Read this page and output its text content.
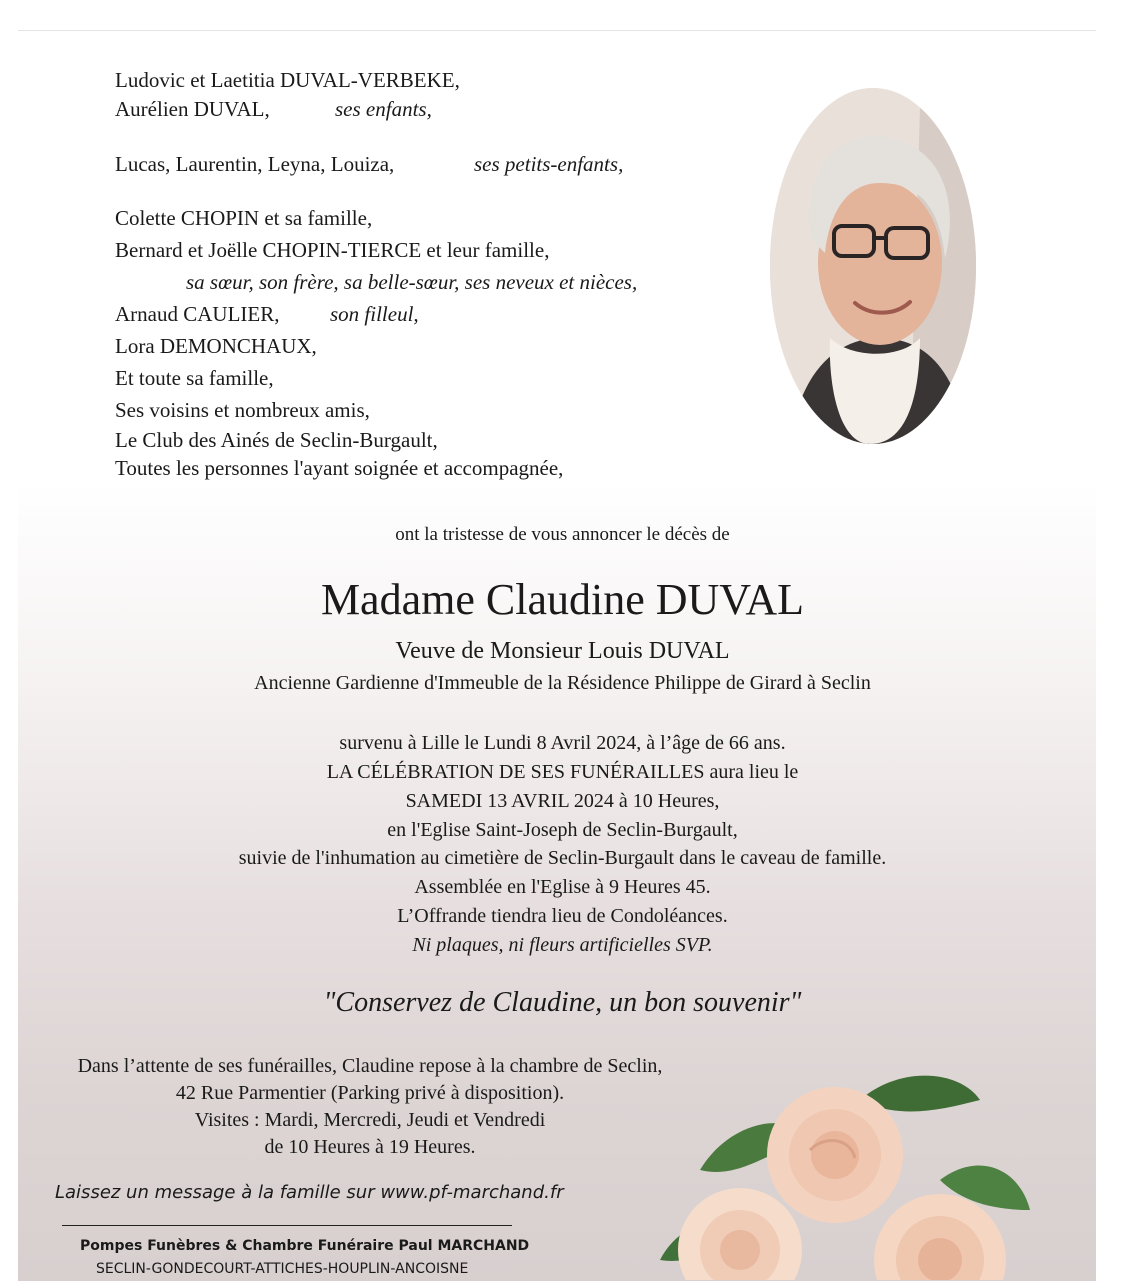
Ludovic et Laetitia DUVAL-VERBEKE,
Aurélien DUVAL,	ses enfants,
Lucas, Laurentin, Leyna, Louiza,	ses petits-enfants,
Colette CHOPIN et sa famille,
Bernard et Joëlle CHOPIN-TIERCE et leur famille,
sa sœur, son frère, sa belle-sœur, ses neveux et nièces,
Arnaud CAULIER, son filleul,
Lora DEMONCHAUX,
Et toute sa famille,
Ses voisins et nombreux amis,
Le Club des Ainés de Seclin-Burgault,
Toutes les personnes l'ayant soignée et accompagnée,
ont la tristesse de vous annoncer le décès de
Madame Claudine DUVAL
Veuve de Monsieur Louis DUVAL
Ancienne Gardienne d'Immeuble de la Résidence Philippe de Girard à Seclin
survenu à Lille le Lundi 8 Avril 2024, à l’âge de 66 ans.
LA CÉLÉBRATION DE SES FUNÉRAILLES aura lieu le
SAMEDI 13 AVRIL 2024 à 10 Heures,
en l'Eglise Saint-Joseph de Seclin-Burgault,
suivie de l'inhumation au cimetière de Seclin-Burgault dans le caveau de famille.
Assemblée en l'Eglise à 9 Heures 45.
L’Offrande tiendra lieu de Condoléances.
Ni plaques, ni fleurs artificielles SVP.
"Conservez de Claudine, un bon souvenir"
Dans l’attente de ses funérailles, Claudine repose à la chambre de Seclin,
42 Rue Parmentier (Parking privé à disposition).
Visites : Mardi, Mercredi, Jeudi et Vendredi
de 10 Heures à 19 Heures.
Laissez un message à la famille sur www.pf-marchand.fr
Pompes Funèbres & Chambre Funéraire Paul MARCHAND
SECLIN-GONDECOURT-ATTICHES-HOUPLIN-ANCOISNE
